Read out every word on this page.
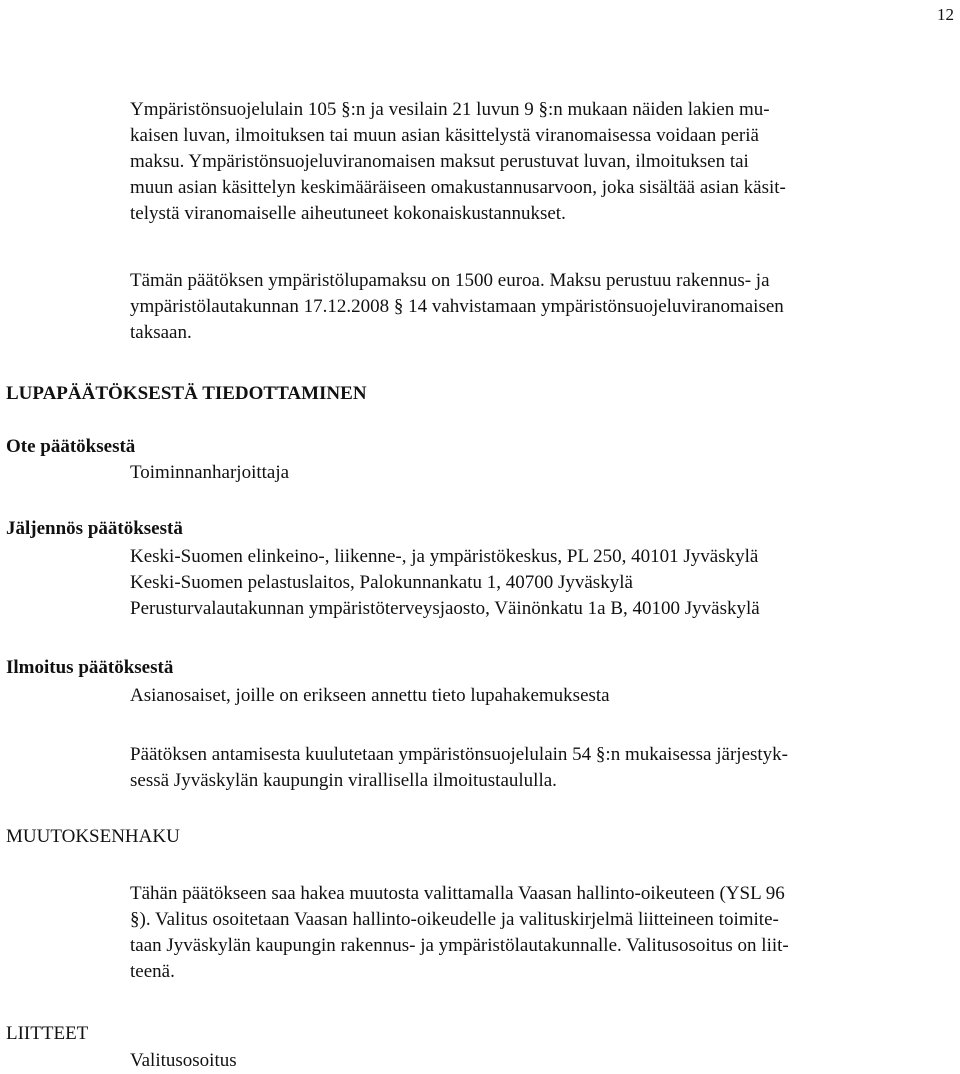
12
Ympäristönsuojelulain 105 §:n ja vesilain 21 luvun 9 §:n mukaan näiden lakien mu-
kaisen luvan, ilmoituksen tai muun asian käsittelystä viranomaisessa voidaan periä
maksu. Ympäristönsuojeluviranomaisen maksut perustuvat luvan, ilmoituksen tai
muun asian käsittelyn keskimääräiseen omakustannusarvoon, joka sisältää asian käsit-
telystä viranomaiselle aiheutuneet kokonaiskustannukset.
Tämän päätöksen ympäristölupamaksu on 1500 euroa. Maksu perustuu rakennus- ja
ympäristölautakunnan 17.12.2008 § 14 vahvistamaan ympäristönsuojeluviranomaisen
taksaan.
LUPAPÄÄTÖKSESTÄ TIEDOTTAMINEN
Ote päätöksestä
Toiminnanharjoittaja
Jäljennös päätöksestä
Keski-Suomen elinkeino-, liikenne-, ja ympäristökeskus, PL 250, 40101 Jyväskylä
Keski-Suomen pelastuslaitos, Palokunnankatu 1, 40700 Jyväskylä
Perusturvalautakunnan ympäristöterveysjaosto, Väinönkatu 1a B, 40100 Jyväskylä
Ilmoitus päätöksestä
Asianosaiset, joille on erikseen annettu tieto lupahakemuksesta
Päätöksen antamisesta kuulutetaan ympäristönsuojelulain 54 §:n mukaisessa järjestyk-
sessä Jyväskylän kaupungin virallisella ilmoitustaululla.
MUUTOKSENHAKU
Tähän päätökseen saa hakea muutosta valittamalla Vaasan hallinto-oikeuteen (YSL 96
§). Valitus osoitetaan Vaasan hallinto-oikeudelle ja valituskirjelmä liitteineen toimite-
taan Jyväskylän kaupungin rakennus- ja ympäristölautakunnalle. Valitusosoitus on liit-
teenä.
LIITTEET
Valitusosoitus
